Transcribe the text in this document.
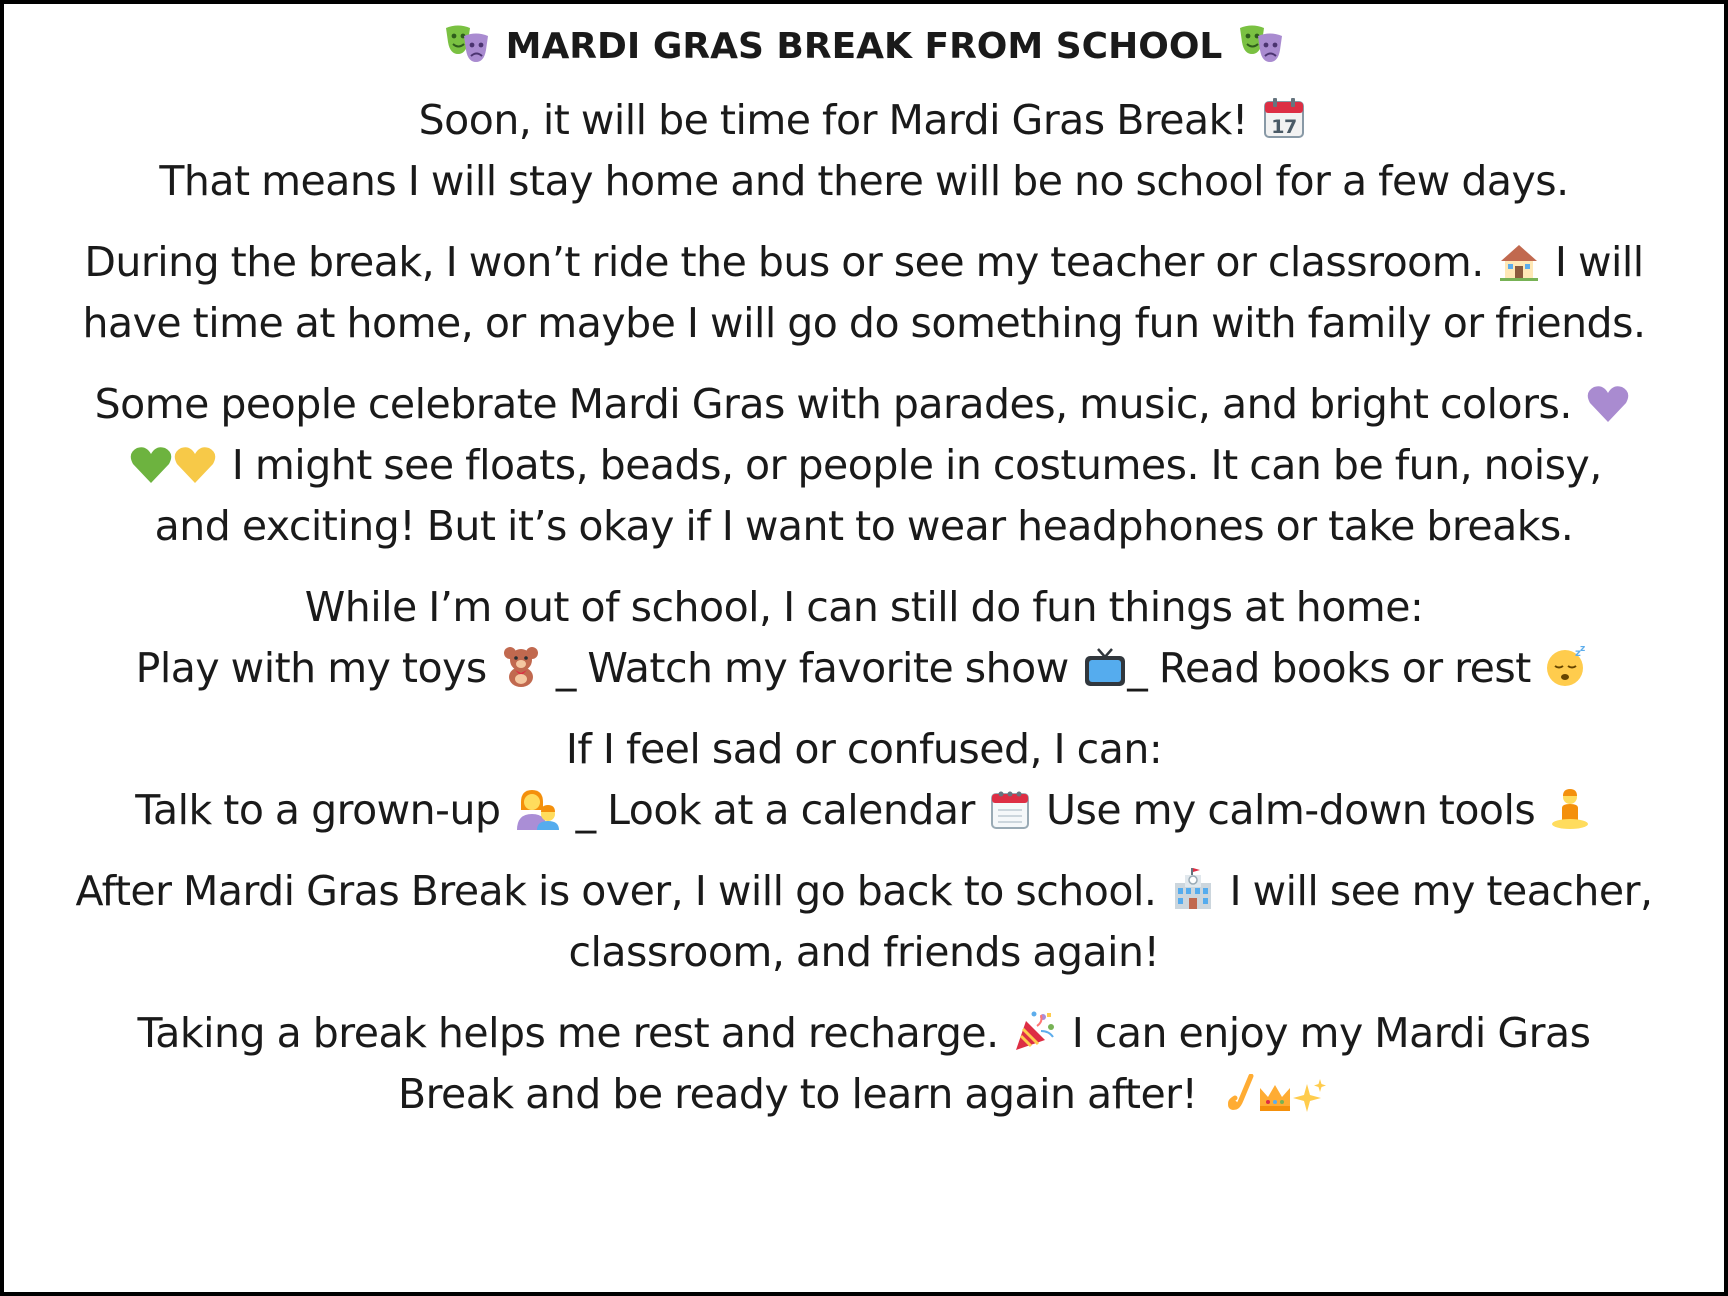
MARDI GRAS BREAK FROM SCHOOL
Soon, it will be time for Mardi Gras Break! 17
That means I will stay home and there will be no school for a few days.
During the break, I won’t ride the bus or see my teacher or classroom. I will
have time at home, or maybe I will go do something fun with family or friends.
Some people celebrate Mardi Gras with parades, music, and bright colors.
I might see floats, beads, or people in costumes. It can be fun, noisy,
and exciting! But it’s okay if I want to wear headphones or take breaks.
While I’m out of school, I can still do fun things at home:
Play with my toys _ Watch my favorite show _ Read books or rest	z z
If I feel sad or confused, I can:
Talk to a grown-up _ Look at a calendar Use my calm-down tools
After Mardi Gras Break is over, I will go back to school. I will see my teacher,
classroom, and friends again!
Taking a break helps me rest and recharge. I can enjoy my Mardi Gras
Break and be ready to learn again after!
